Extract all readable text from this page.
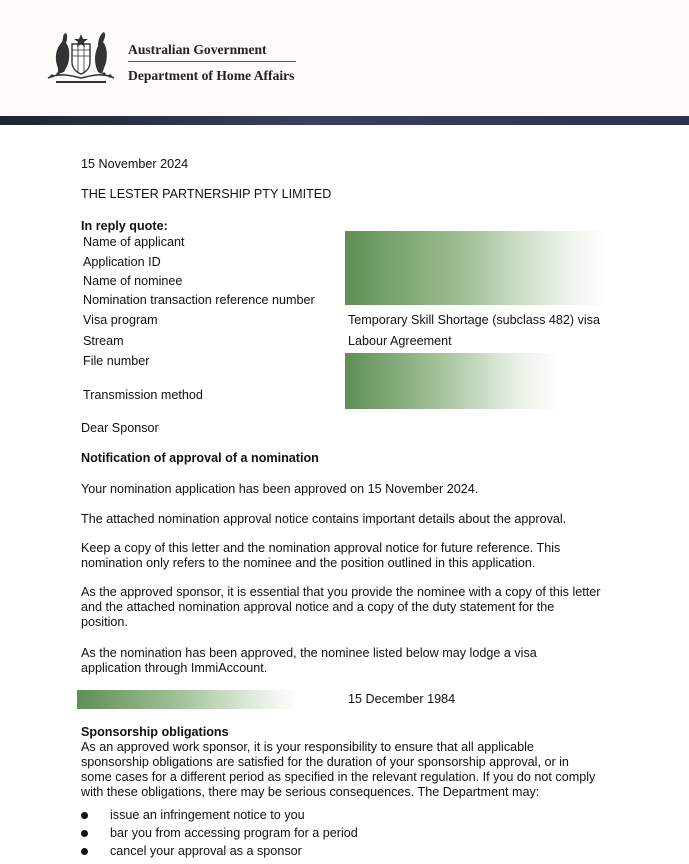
Australian Government
Department of Home Affairs
15 November 2024
THE LESTER PARTNERSHIP PTY LIMITED
In reply quote:
Name of applicant
Application ID
Name of nominee
Nomination transaction reference number
Visa program
Stream
File number
Transmission method
Temporary Skill Shortage (subclass 482) visa
Labour Agreement
Dear Sponsor
Notification of approval of a nomination
Your nomination application has been approved on 15 November 2024.
The attached nomination approval notice contains important details about the approval.
Keep a copy of this letter and the nomination approval notice for future reference. This nomination only refers to the nominee and the position outlined in this application.
As the approved sponsor, it is essential that you provide the nominee with a copy of this letter and the attached nomination approval notice and a copy of the duty statement for the position.
As the nomination has been approved, the nominee listed below may lodge a visa application through ImmiAccount.
15 December 1984
Sponsorship obligations
As an approved work sponsor, it is your responsibility to ensure that all applicable sponsorship obligations are satisfied for the duration of your sponsorship approval, or in some cases for a different period as specified in the relevant regulation. If you do not comply with these obligations, there may be serious consequences. The Department may:
issue an infringement notice to you
bar you from accessing program for a period
cancel your approval as a sponsor
